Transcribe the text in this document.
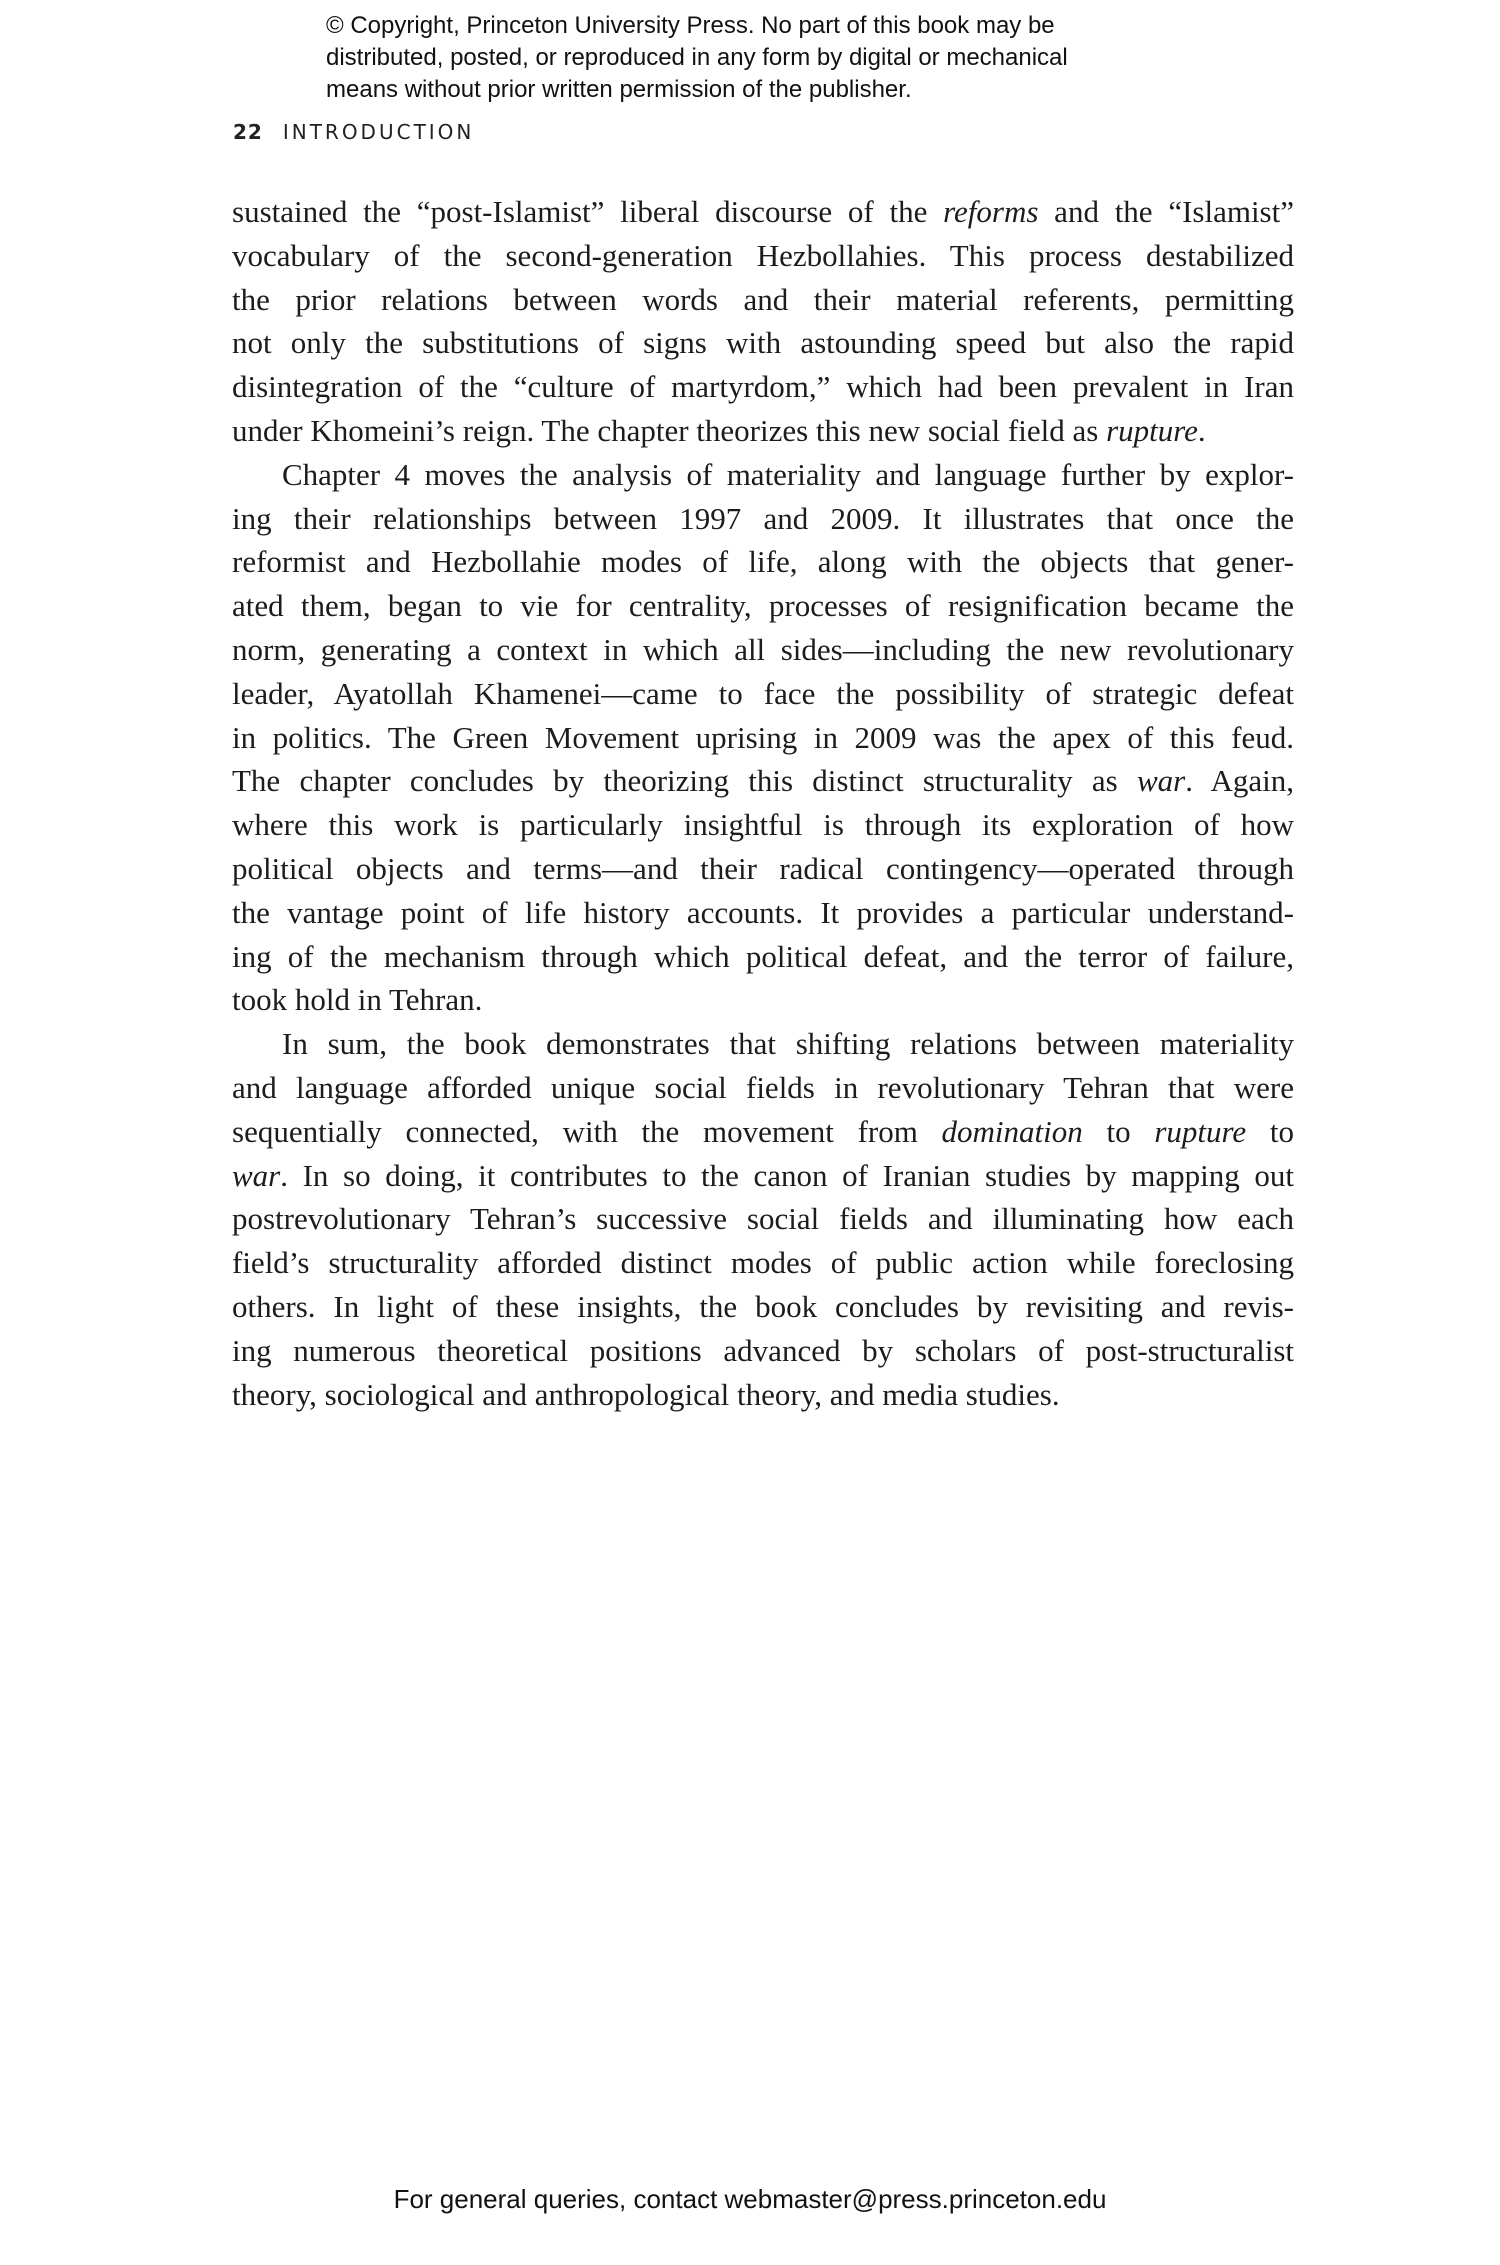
© Copyright, Princeton University Press. No part of this book may be
distributed, posted, or reproduced in any form by digital or mechanical
means without prior written permission of the publisher.
22 INTRODUCTION
sustained the “post-Islamist” liberal discourse of the reforms and the “Islamist”
vocabulary of the second-generation Hezbollahies. This process destabilized
the prior relations between words and their material referents, permitting
not only the substitutions of signs with astounding speed but also the rapid
disintegration of the “culture of martyrdom,” which had been prevalent in Iran
under Khomeini’s reign. The chapter theorizes this new social field as rupture.
Chapter 4 moves the analysis of materiality and language further by explor-
ing their relationships between 1997 and 2009. It illustrates that once the
reformist and Hezbollahie modes of life, along with the objects that gener-
ated them, began to vie for centrality, processes of resignification became the
norm, generating a context in which all sides—including the new revolutionary
leader, Ayatollah Khamenei—came to face the possibility of strategic defeat
in politics. The Green Movement uprising in 2009 was the apex of this feud.
The chapter concludes by theorizing this distinct structurality as war. Again,
where this work is particularly insightful is through its exploration of how
political objects and terms—and their radical contingency—operated through
the vantage point of life history accounts. It provides a particular understand-
ing of the mechanism through which political defeat, and the terror of failure,
took hold in Tehran.
In sum, the book demonstrates that shifting relations between materiality
and language afforded unique social fields in revolutionary Tehran that were
sequentially connected, with the movement from domination to rupture to
war. In so doing, it contributes to the canon of Iranian studies by mapping out
postrevolutionary Tehran’s successive social fields and illuminating how each
field’s structurality afforded distinct modes of public action while foreclosing
others. In light of these insights, the book concludes by revisiting and revis-
ing numerous theoretical positions advanced by scholars of post-structuralist
theory, sociological and anthropological theory, and media studies.
For general queries, contact webmaster@press.princeton.edu
